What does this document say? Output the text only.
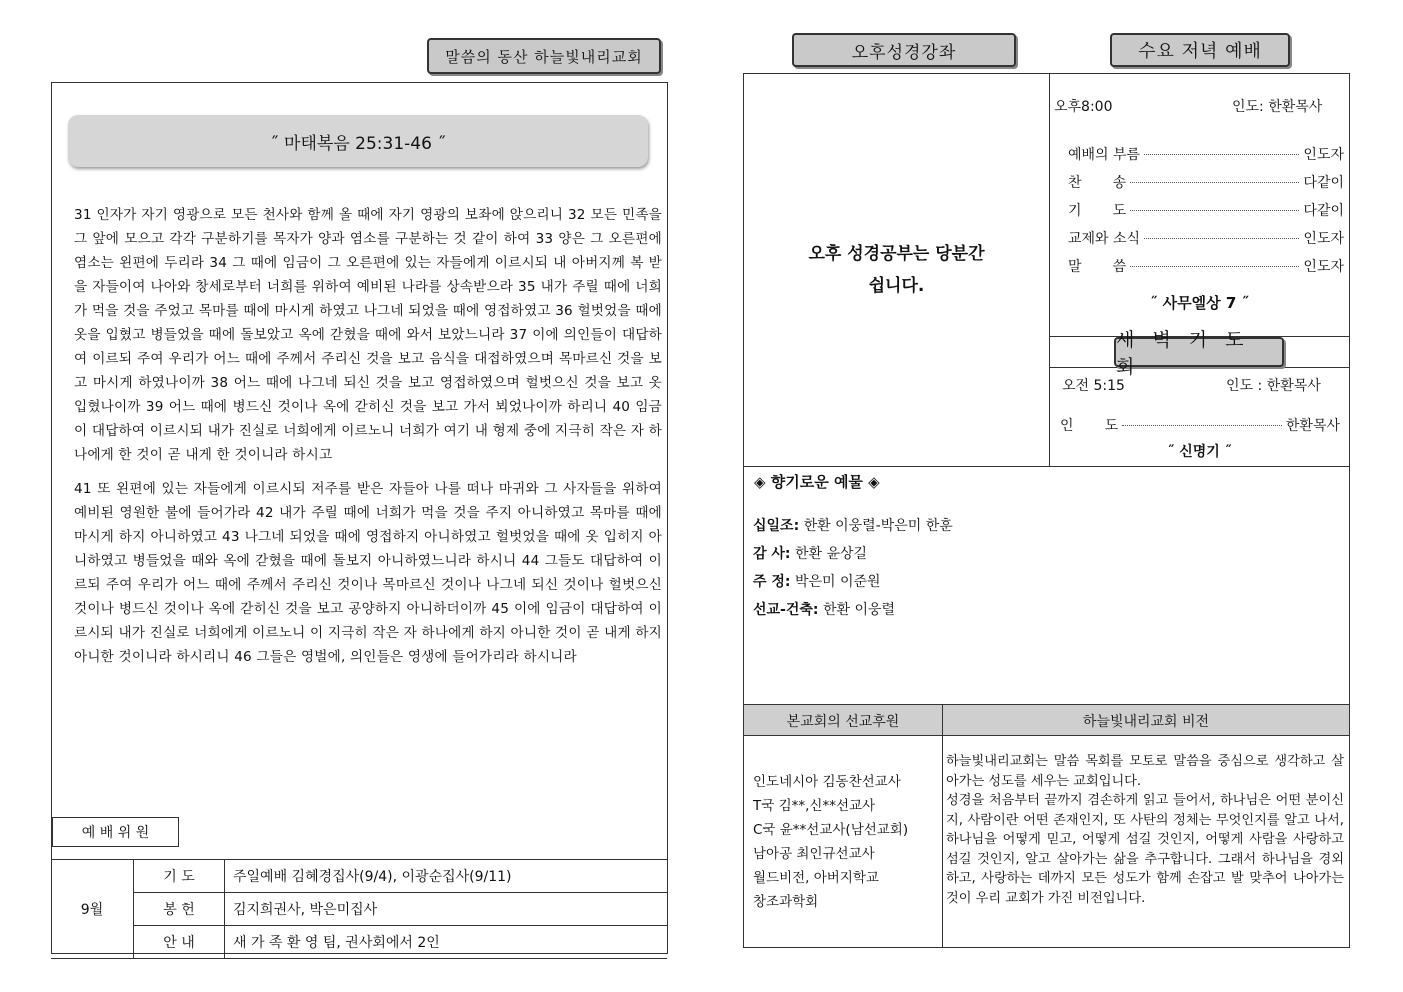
말씀의 동산 하늘빛내리교회
˝ 마태복음 25:31-46 ˝

31 인자가 자기 영광으로 모든 천사와 함께 올 때에 자기 영광의 보좌에 앉으리니 32 모든 민족을 그 앞에 모으고 각각 구분하기를 목자가 양과 염소를 구분하는 것 같이 하여 33 양은 그 오른편에 염소는 왼편에 두리라 34 그 때에 임금이 그 오른편에 있는 자들에게 이르시되 내 아버지께 복 받을 자들이여 나아와 창세로부터 너희를 위하여 예비된 나라를 상속받으라 35 내가 주릴 때에 너희가 먹을 것을 주었고 목마를 때에 마시게 하였고 나그네 되었을 때에 영접하였고 36 헐벗었을 때에 옷을 입혔고 병들었을 때에 돌보았고 옥에 갇혔을 때에 와서 보았느니라 37 이에 의인들이 대답하여 이르되 주여 우리가 어느 때에 주께서 주리신 것을 보고 음식을 대접하였으며 목마르신 것을 보고 마시게 하였나이까 38 어느 때에 나그네 되신 것을 보고 영접하였으며 헐벗으신 것을 보고 옷 입혔나이까 39 어느 때에 병드신 것이나 옥에 갇히신 것을 보고 가서 뵈었나이까 하리니 40 임금이 대답하여 이르시되 내가 진실로 너희에게 이르노니 너희가 여기 내 형제 중에 지극히 작은 자 하나에게 한 것이 곧 내게 한 것이니라 하시고

41 또 왼편에 있는 자들에게 이르시되 저주를 받은 자들아 나를 떠나 마귀와 그 사자들을 위하여 예비된 영원한 불에 들어가라 42 내가 주릴 때에 너희가 먹을 것을 주지 아니하였고 목마를 때에 마시게 하지 아니하였고 43 나그네 되었을 때에 영접하지 아니하였고 헐벗었을 때에 옷 입히지 아니하였고 병들었을 때와 옥에 갇혔을 때에 돌보지 아니하였느니라 하시니 44 그들도 대답하여 이르되 주여 우리가 어느 때에 주께서 주리신 것이나 목마르신 것이나 나그네 되신 것이나 헐벗으신 것이나 병드신 것이나 옥에 갇히신 것을 보고 공양하지 아니하더이까 45 이에 임금이 대답하여 이르시되 내가 진실로 너희에게 이르노니 이 지극히 작은 자 하나에게 하지 아니한 것이 곧 내게 하지 아니한 것이니라 하시리니 46 그들은 영벌에, 의인들은 영생에 들어가리라 하시니라

예 배 위 원
9월	기 도	주일예배 김혜경집사(9/4), 이광순집사(9/11)
	봉 헌	김지희권사, 박은미집사
	안 내	새 가 족 환 영 팀, 권사회에서 2인
오후성경강좌	수요 저녁 예배
오후 성경공부는 당분간
쉽니다.
오후8:00	인도: 한환목사
예배의 부름	인도자
찬       송	다같이
기       도	다같이
교제와 소식	인도자
말       씀	인도자
˝ 사무엘상 7 ˝
새 벽 기 도 회
오전 5:15	인도 : 한환목사
인       도	한환목사
˝ 신명기 ˝
◈ 향기로운 예물 ◈

십일조: 한환 이웅렬-박은미 한훈

감 사: 한환 윤상길

주 정: 박은미 이준원

선교-건축: 한환 이웅렬

본교회의 선교후원	하늘빛내리교회 비전
인도네시아 김동찬선교사
T국 김**,신**선교사
C국 윤**선교사(남선교회)
남아공 최인규선교사
월드비전, 아버지학교
창조과학회
하늘빛내리교회는 말씀 목회를 모토로 말씀을 중심으로 생각하고 살아가는 성도를 세우는 교회입니다.
성경을 처음부터 끝까지 겸손하게 읽고 들어서, 하나님은 어떤 분이신지, 사람이란 어떤 존재인지, 또 사탄의 정체는 무엇인지를 알고 나서, 하나님을 어떻게 믿고, 어떻게 섬길 것인지, 어떻게 사람을 사랑하고 섬길 것인지, 알고 살아가는 삶을 추구합니다. 그래서 하나님을 경외하고, 사랑하는 데까지 모든 성도가 함께 손잡고 발 맞추어 나아가는 것이 우리 교회가 가진 비전입니다.
